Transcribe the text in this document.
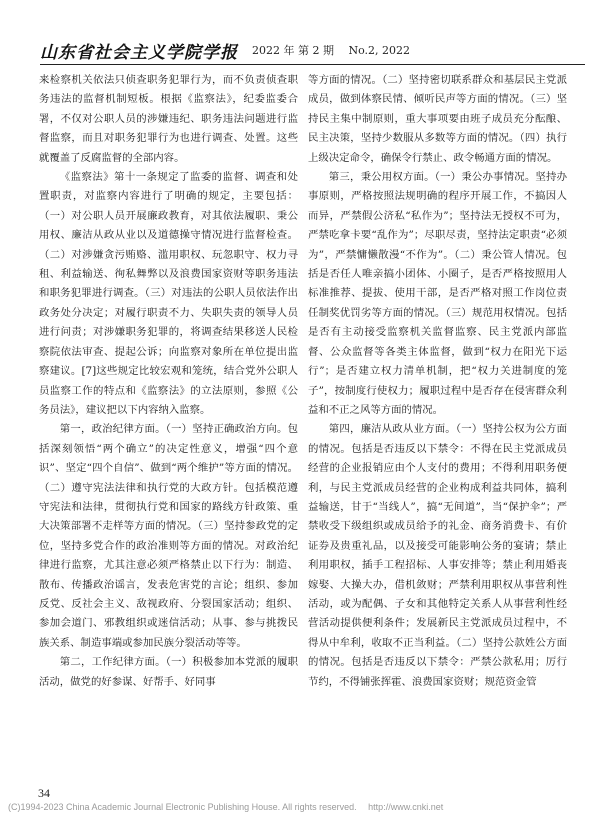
山东省社会主义学院学报 2022 年 第 2 期 　No.2, 2022

来检察机关依法只侦查职务犯罪行为，而不负责侦查职务违法的监督机制短板。根据《监察法》，纪委监委合署，不仅对公职人员的涉嫌违纪、职务违法问题进行监督监察，而且对职务犯罪行为也进行调查、处置。这些就覆盖了反腐监督的全部内容。

《监察法》第十一条规定了监委的监督、调查和处置职责，对监察内容进行了明确的规定，主要包括：（一）对公职人员开展廉政教育，对其依法履职、秉公用权、廉洁从政从业以及道德操守情况进行监督检查。（二）对涉嫌贪污贿赂、滥用职权、玩忽职守、权力寻租、利益输送、徇私舞弊以及浪费国家资财等职务违法和职务犯罪进行调查。（三）对违法的公职人员依法作出政务处分决定；对履行职责不力、失职失责的领导人员进行问责；对涉嫌职务犯罪的，将调查结果移送人民检察院依法审查、提起公诉；向监察对象所在单位提出监察建议。[7]这些规定比较宏观和笼统，结合党外公职人员监察工作的特点和《监察法》的立法原则，参照《公务员法》，建议把以下内容纳入监察。

第一，政治纪律方面。（一）坚持正确政治方向。包括深刻领悟“两个确立”的决定性意义，增强“四个意识”、坚定“四个自信”、做到“两个维护”等方面的情况。（二）遵守宪法法律和执行党的大政方针。包括模范遵守宪法和法律，贯彻执行党和国家的路线方针政策、重大决策部署不走样等方面的情况。（三）坚持参政党的定位，坚持多党合作的政治准则等方面的情况。对政治纪律进行监察，尤其注意必须严格禁止以下行为：制造、散布、传播政治谣言，发表危害党的言论；组织、参加反党、反社会主义、敌视政府、分裂国家活动；组织、参加会道门、邪教组织或迷信活动；从事、参与挑拨民族关系、制造事端或参加民族分裂活动等等。

第二，工作纪律方面。（一）积极参加本党派的履职活动，做党的好参谋、好帮手、好同事

等方面的情况。（二）坚持密切联系群众和基层民主党派成员，做到体察民情、倾听民声等方面的情况。（三）坚持民主集中制原则，重大事项要由班子成员充分酝酿、民主决策，坚持少数服从多数等方面的情况。（四）执行上级决定命令，确保令行禁止、政令畅通方面的情况。

第三，秉公用权方面。（一）秉公办事情况。坚持办事原则，严格按照法规明确的程序开展工作，不搞因人而异，严禁假公济私“私作为”；坚持法无授权不可为，严禁吃拿卡要“乱作为”；尽职尽责，坚持法定职责“必须为”，严禁慵懒散漫“不作为”。（二）秉公管人情况。包括是否任人唯亲搞小团体、小圈子，是否严格按照用人标准推荐、提拔、使用干部，是否严格对照工作岗位责任制奖优罚劣等方面的情况。（三）规范用权情况。包括是否有主动接受监察机关监督监察、民主党派内部监督、公众监督等各类主体监督，做到“权力在阳光下运行”；是否建立权力清单机制，把“权力关进制度的笼子”，按制度行使权力；履职过程中是否存在侵害群众利益和不正之风等方面的情况。

第四，廉洁从政从业方面。（一）坚持公权为公方面的情况。包括是否违反以下禁令：不得在民主党派成员经营的企业报销应由个人支付的费用；不得利用职务便利，与民主党派成员经营的企业构成利益共同体，搞利益输送，甘于“当线人”，搞“无间道”，当“保护伞”；严禁收受下级组织或成员给予的礼金、商务消费卡、有价证券及贵重礼品，以及接受可能影响公务的宴请；禁止利用职权，插手工程招标、人事安排等；禁止利用婚丧嫁娶、大操大办，借机敛财；严禁利用职权从事营利性活动，或为配偶、子女和其他特定关系人从事营利性经营活动提供便利条件；发展新民主党派成员过程中，不得从中牟利，收取不正当利益。（二）坚持公款姓公方面的情况。包括是否违反以下禁令：严禁公款私用；厉行节约，不得铺张挥霍、浪费国家资财；规范资金管

34
(C)1994-2023 China Academic Journal Electronic Publishing House. All rights reserved.　 http://www.cnki.net
